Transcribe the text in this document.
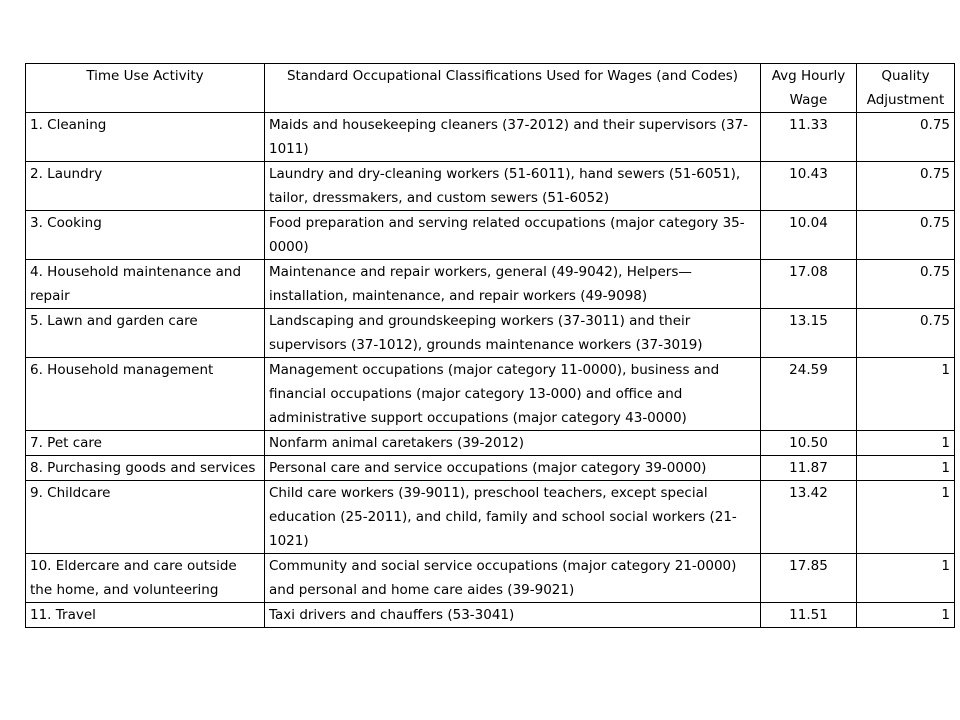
Time Use Activity	Standard Occupational Classifications Used for Wages (and Codes)	Avg Hourly Wage	Quality Adjustment
1. Cleaning	Maids and housekeeping cleaners (37-2012) and their supervisors (37-1011)	11.33	0.75
2. Laundry	Laundry and dry-cleaning workers (51-6011), hand sewers (51-6051), tailor, dressmakers, and custom sewers (51-6052)	10.43	0.75
3. Cooking	Food preparation and serving related occupations (major category 35-0000)	10.04	0.75
4. Household maintenance and repair	Maintenance and repair workers, general (49-9042), Helpers—installation, maintenance, and repair workers (49-9098)	17.08	0.75
5. Lawn and garden care	Landscaping and groundskeeping workers (37-3011) and their supervisors (37-1012), grounds maintenance workers (37-3019)	13.15	0.75
6. Household management	Management occupations (major category 11-0000), business and financial occupations (major category 13-000) and office and administrative support occupations (major category 43-0000)	24.59	1
7. Pet care	Nonfarm animal caretakers (39-2012)	10.50	1
8. Purchasing goods and services	Personal care and service occupations (major category 39-0000)	11.87	1
9. Childcare	Child care workers (39-9011), preschool teachers, except special education (25-2011), and child, family and school social workers (21-1021)	13.42	1
10. Eldercare and care outside the home, and volunteering	Community and social service occupations (major category 21-0000) and personal and home care aides (39-9021)	17.85	1
11. Travel	Taxi drivers and chauffers (53-3041)	11.51	1
